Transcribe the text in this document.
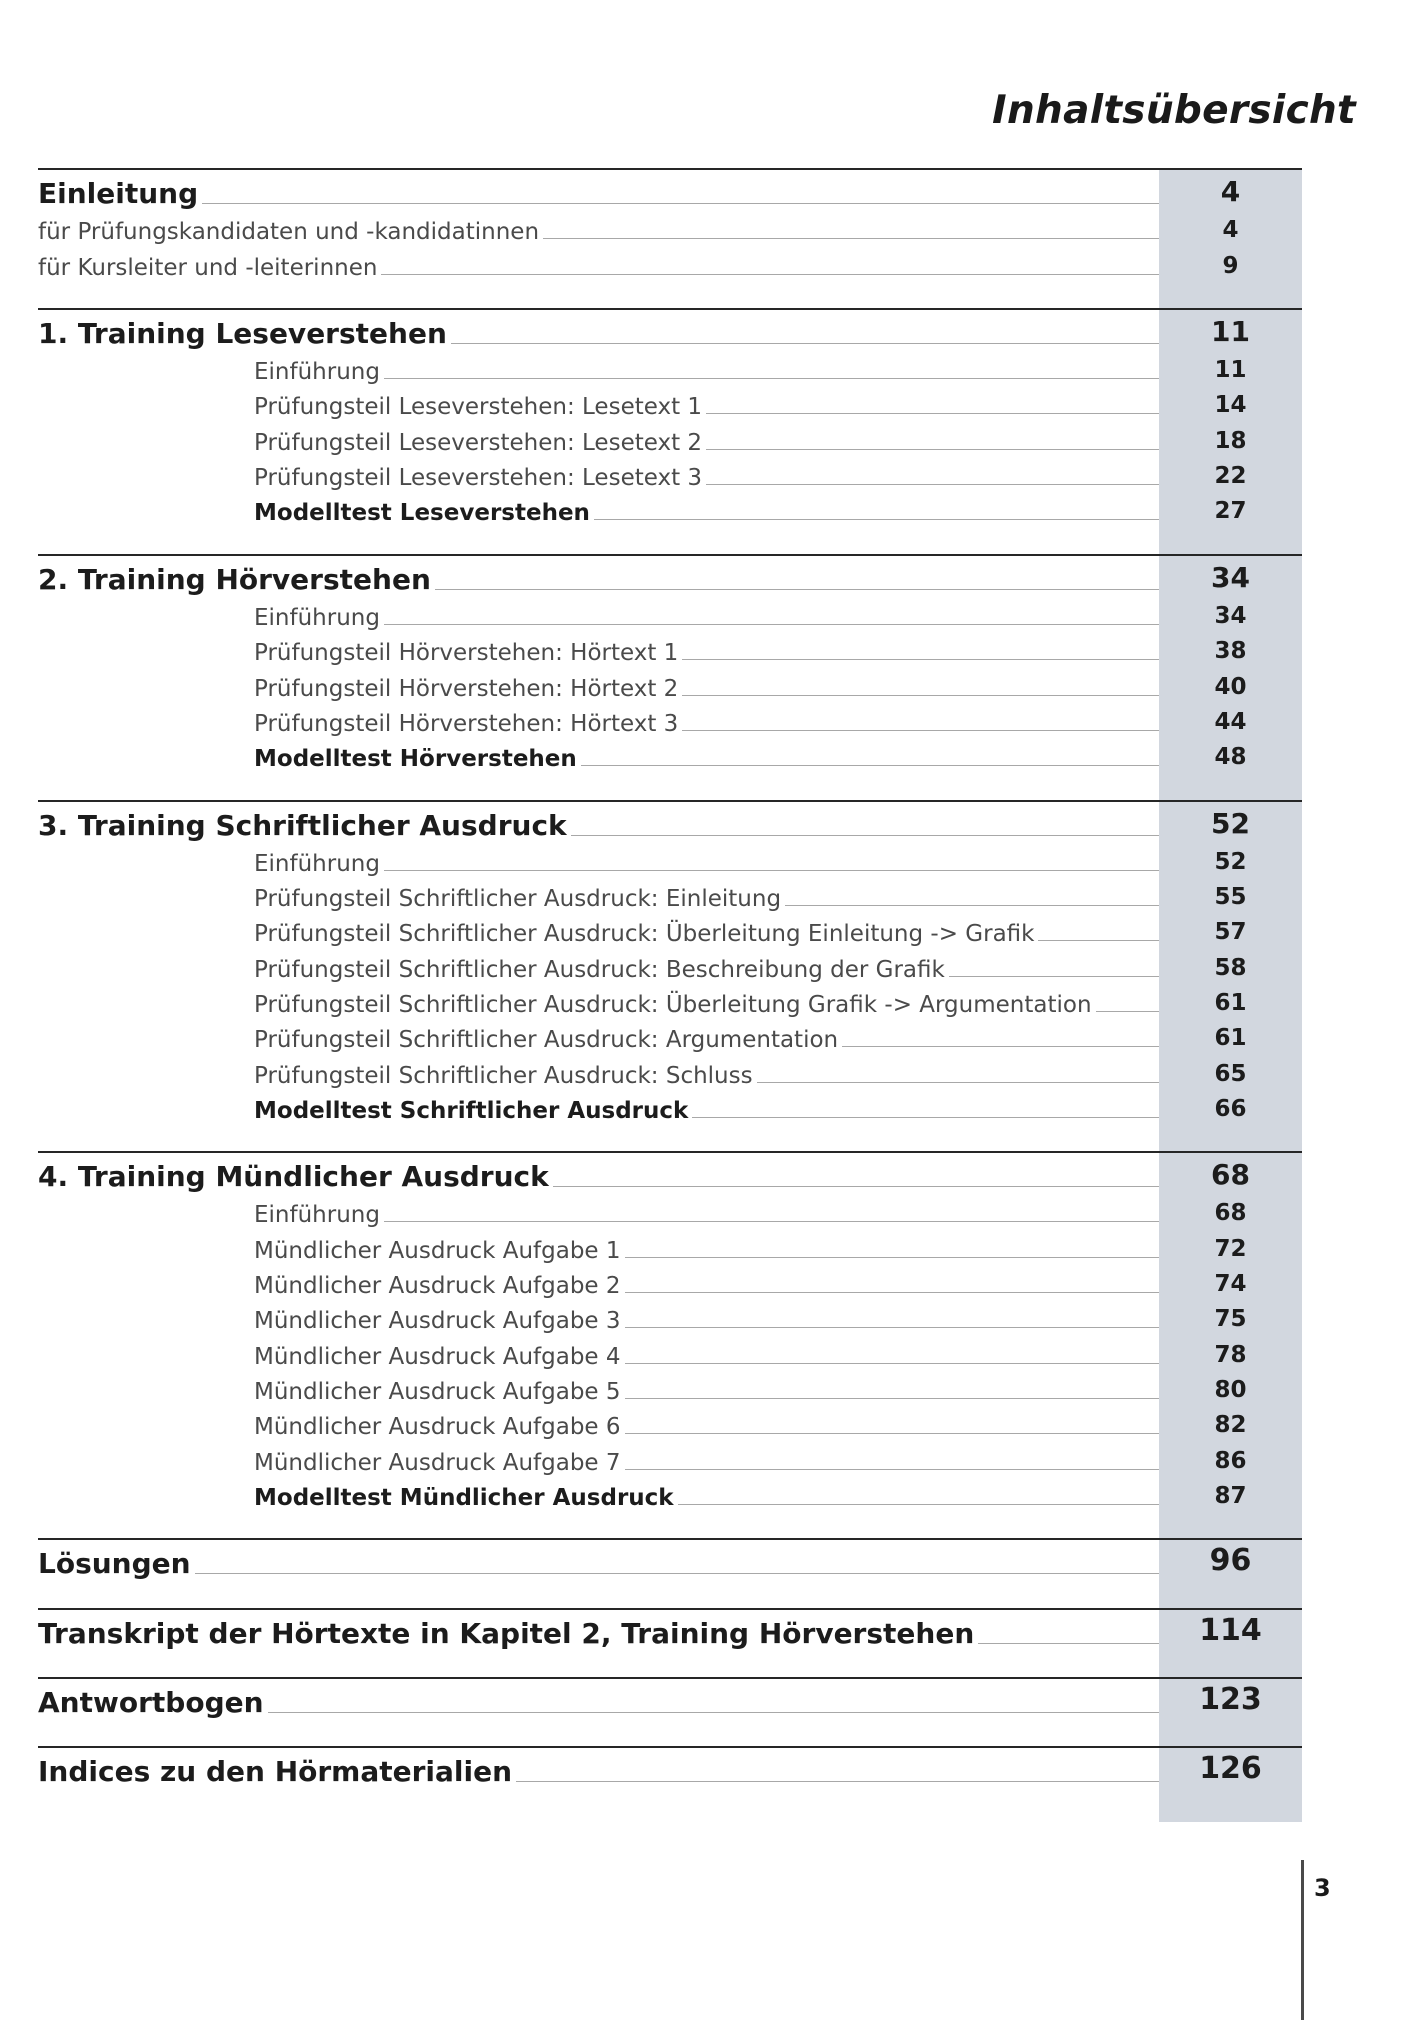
Inhaltsübersicht
Einleitung	4
für Prüfungskandidaten und -kandidatinnen	4
für Kursleiter und -leiterinnen	9
1. Training Leseverstehen	11
Einführung	11
Prüfungsteil Leseverstehen: Lesetext 1	14
Prüfungsteil Leseverstehen: Lesetext 2	18
Prüfungsteil Leseverstehen: Lesetext 3	22
Modelltest Leseverstehen	27
2. Training Hörverstehen	34
Einführung	34
Prüfungsteil Hörverstehen: Hörtext 1	38
Prüfungsteil Hörverstehen: Hörtext 2	40
Prüfungsteil Hörverstehen: Hörtext 3	44
Modelltest Hörverstehen	48
3. Training Schriftlicher Ausdruck	52
Einführung	52
Prüfungsteil Schriftlicher Ausdruck: Einleitung	55
Prüfungsteil Schriftlicher Ausdruck: Überleitung Einleitung -> Grafik	57
Prüfungsteil Schriftlicher Ausdruck: Beschreibung der Grafik	58
Prüfungsteil Schriftlicher Ausdruck: Überleitung Grafik -> Argumentation	61
Prüfungsteil Schriftlicher Ausdruck: Argumentation	61
Prüfungsteil Schriftlicher Ausdruck: Schluss	65
Modelltest Schriftlicher Ausdruck	66
4. Training Mündlicher Ausdruck	68
Einführung	68
Mündlicher Ausdruck Aufgabe 1	72
Mündlicher Ausdruck Aufgabe 2	74
Mündlicher Ausdruck Aufgabe 3	75
Mündlicher Ausdruck Aufgabe 4	78
Mündlicher Ausdruck Aufgabe 5	80
Mündlicher Ausdruck Aufgabe 6	82
Mündlicher Ausdruck Aufgabe 7	86
Modelltest Mündlicher Ausdruck	87
Lösungen	96
Transkript der Hörtexte in Kapitel 2, Training Hörverstehen	114
Antwortbogen	123
Indices zu den Hörmaterialien	126
3
